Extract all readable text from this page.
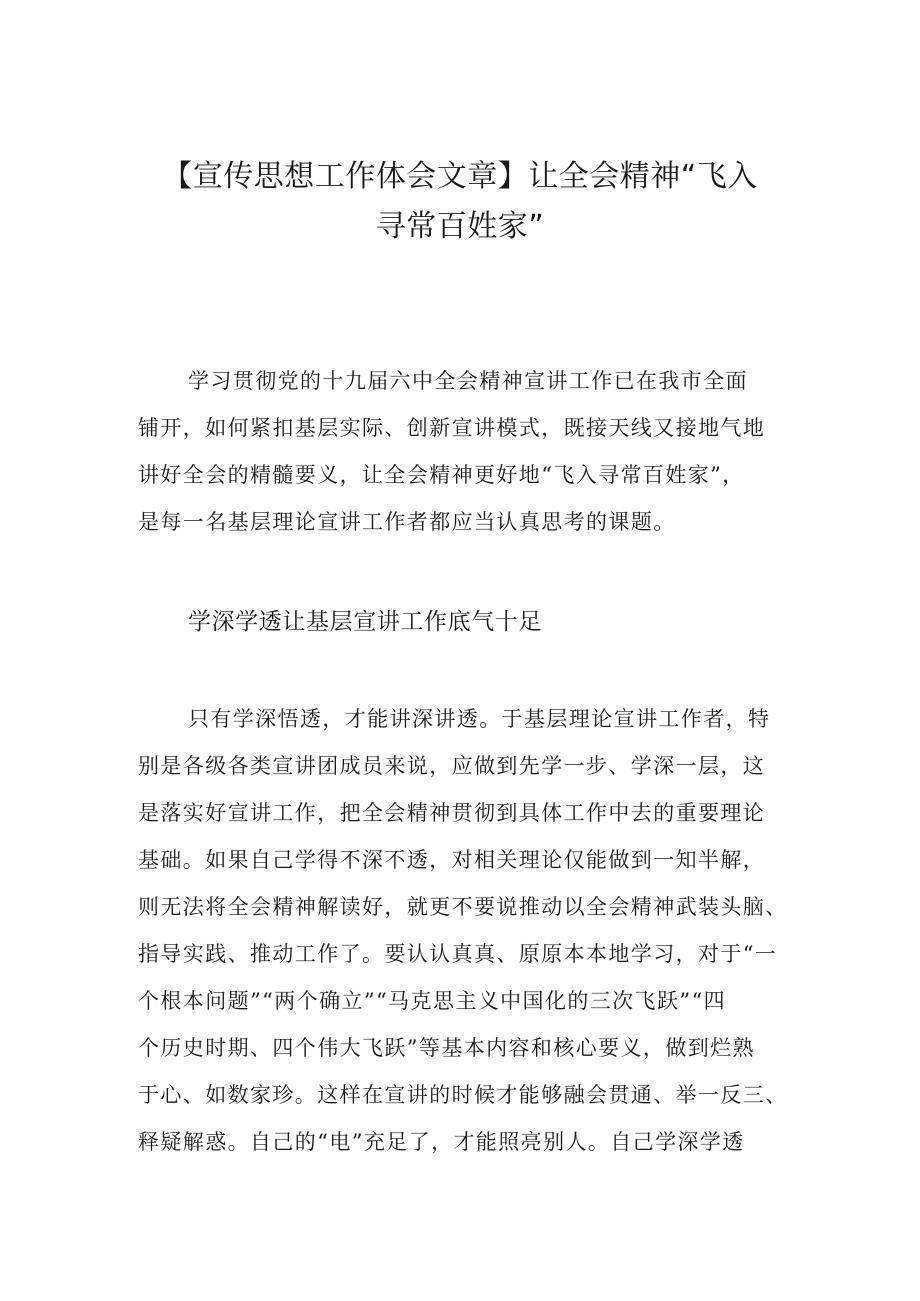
【宣传思想工作体会文章】让全会精神“飞入
寻常百姓家”
学习贯彻党的十九届六中全会精神宣讲工作已在我市全面
铺开，如何紧扣基层实际、创新宣讲模式，既接天线又接地气地
讲好全会的精髓要义，让全会精神更好地“飞入寻常百姓家”，
是每一名基层理论宣讲工作者都应当认真思考的课题。
学深学透让基层宣讲工作底气十足
只有学深悟透，才能讲深讲透。于基层理论宣讲工作者，特
别是各级各类宣讲团成员来说，应做到先学一步、学深一层，这
是落实好宣讲工作，把全会精神贯彻到具体工作中去的重要理论
基础。如果自己学得不深不透，对相关理论仅能做到一知半解，
则无法将全会精神解读好，就更不要说推动以全会精神武装头脑、
指导实践、推动工作了。要认认真真、原原本本地学习，对于“一
个根本问题”“两个确立”“马克思主义中国化的三次飞跃”“四
个历史时期、四个伟大飞跃”等基本内容和核心要义，做到烂熟
于心、如数家珍。这样在宣讲的时候才能够融会贯通、举一反三、
释疑解惑。自己的“电”充足了，才能照亮别人。自己学深学透
